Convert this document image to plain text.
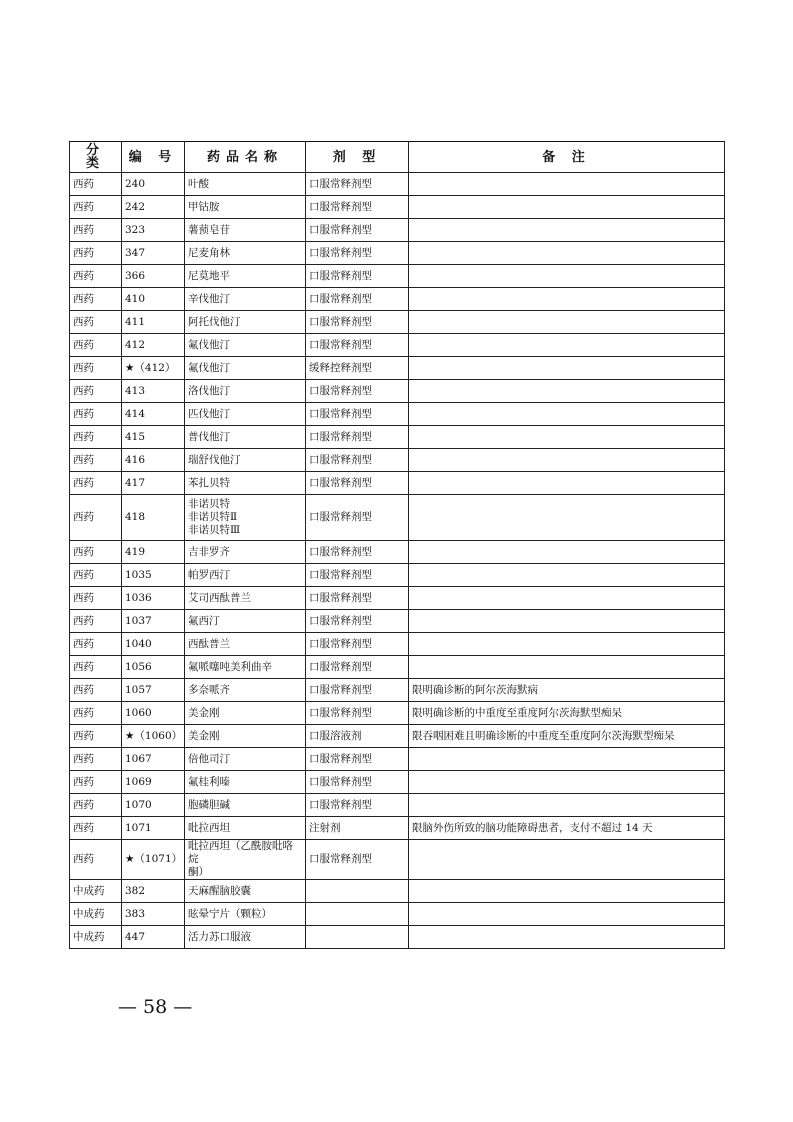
分 类	编 号	药品名称	剂 型	备 注
西药	240	叶酸	口服常释剂型	
西药	242	甲钴胺	口服常释剂型	
西药	323	薯蓣皂苷	口服常释剂型	
西药	347	尼麦角林	口服常释剂型	
西药	366	尼莫地平	口服常释剂型	
西药	410	辛伐他汀	口服常释剂型	
西药	411	阿托伐他汀	口服常释剂型	
西药	412	氟伐他汀	口服常释剂型	
西药	★（412）	氟伐他汀	缓释控释剂型	
西药	413	洛伐他汀	口服常释剂型	
西药	414	匹伐他汀	口服常释剂型	
西药	415	普伐他汀	口服常释剂型	
西药	416	瑞舒伐他汀	口服常释剂型	
西药	417	苯扎贝特	口服常释剂型	
西药	418	非诺贝特
非诺贝特Ⅱ
非诺贝特Ⅲ	口服常释剂型	
西药	419	吉非罗齐	口服常释剂型	
西药	1035	帕罗西汀	口服常释剂型	
西药	1036	艾司西酞普兰	口服常释剂型	
西药	1037	氟西汀	口服常释剂型	
西药	1040	西酞普兰	口服常释剂型	
西药	1056	氟哌噻吨美利曲辛	口服常释剂型	
西药	1057	多奈哌齐	口服常释剂型	限明确诊断的阿尔茨海默病
西药	1060	美金刚	口服常释剂型	限明确诊断的中重度至重度阿尔茨海默型痴呆
西药	★（1060）	美金刚	口服溶液剂	限吞咽困难且明确诊断的中重度至重度阿尔茨海默型痴呆
西药	1067	倍他司汀	口服常释剂型	
西药	1069	氟桂利嗪	口服常释剂型	
西药	1070	胞磷胆碱	口服常释剂型	
西药	1071	吡拉西坦	注射剂	限脑外伤所致的脑功能障碍患者，支付不超过 14 天
西药	★（1071）	吡拉西坦（乙酰胺吡咯烷
酮）	口服常释剂型	
中成药	382	天麻醒脑胶囊		

中成药	383	眩晕宁片（颗粒）		

中成药	447	活力苏口服液		

— 58 —
